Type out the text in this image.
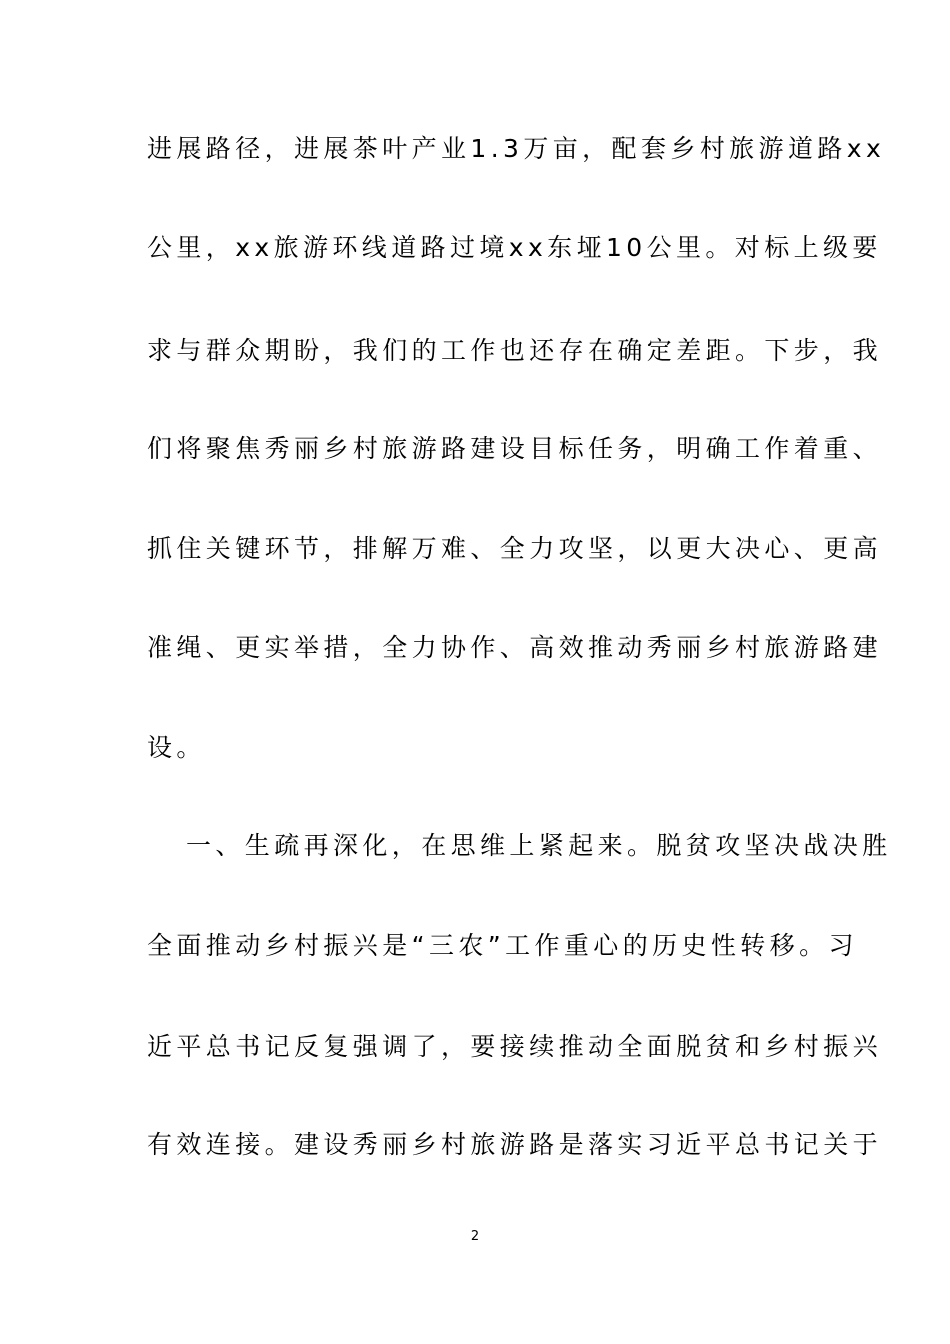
进展路径，进展茶叶产业1.3万亩，配套乡村旅游道路xx
公里，xx旅游环线道路过境xx东垭10公里。对标上级要
求与群众期盼，我们的工作也还存在确定差距。下步，我
们将聚焦秀丽乡村旅游路建设目标任务，明确工作着重、
抓住关键环节，排解万难、全力攻坚，以更大决心、更高
准绳、更实举措，全力协作、高效推动秀丽乡村旅游路建
设。
一、生疏再深化，在思维上紧起来。脱贫攻坚决战决胜
全面推动乡村振兴是“三农”工作重心的历史性转移。习
近平总书记反复强调了，要接续推动全面脱贫和乡村振兴
有效连接。建设秀丽乡村旅游路是落实习近平总书记关于
2
